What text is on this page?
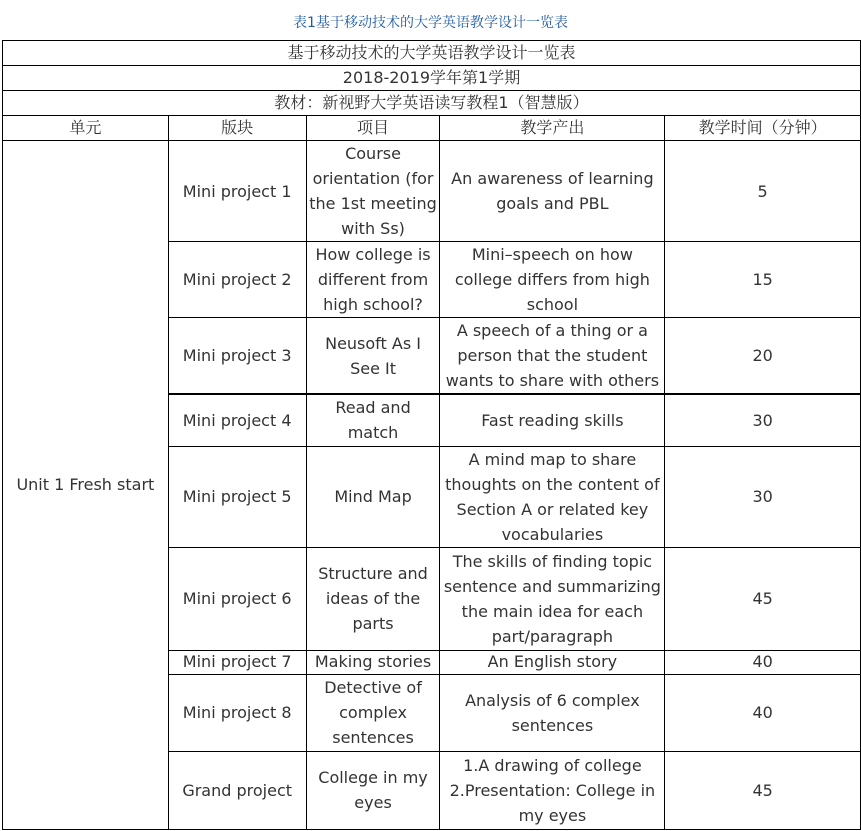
表1基于移动技术的大学英语教学设计一览表
基于移动技术的大学英语教学设计一览表				
2018-2019学年第1学期				
教材：新视野大学英语读写教程1（智慧版）				
单元	版块	项目	教学产出	教学时间（分钟）
Unit 1 Fresh start	Mini project 1	Course orientation (for the 1st meeting with Ss)	An awareness of learning goals and PBL	5
	Mini project 2	How college is different from high school?	Mini–speech on how college differs from high school	15
	Mini project 3	Neusoft As I See It	A speech of a thing or a person that the student wants to share with others	20
	Mini project 4	Read and match	Fast reading skills	30
	Mini project 5	Mind Map	A mind map to share thoughts on the content of Section A or related key vocabularies	30
	Mini project 6	Structure and ideas of the parts	The skills of finding topic sentence and summarizing the main idea for each part/paragraph	45
	Mini project 7	Making stories	An English story	40
	Mini project 8	Detective of complex sentences	Analysis of 6 complex sentences	40
	Grand project	College in my eyes	1.A drawing of college
2.Presentation: College in my eyes	45
